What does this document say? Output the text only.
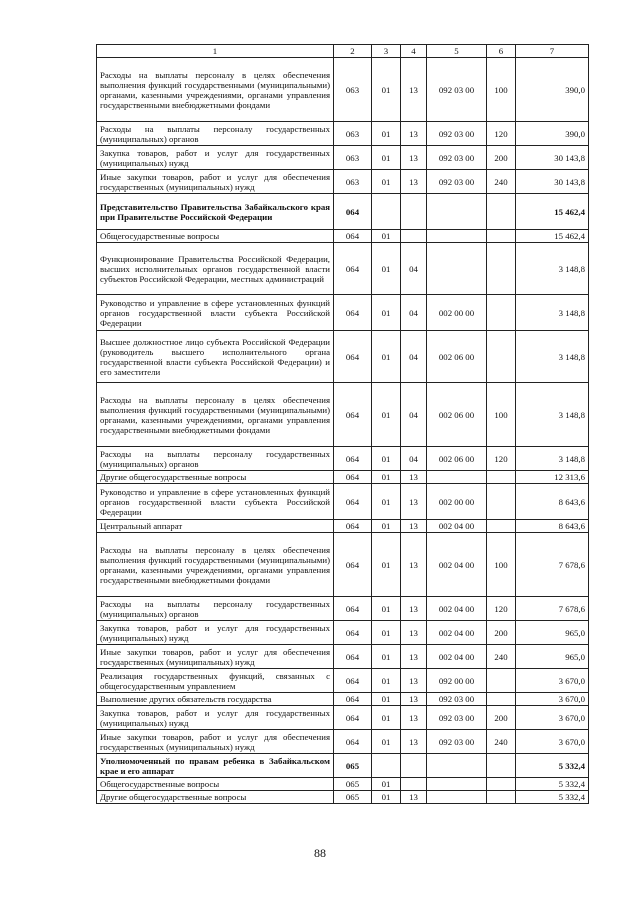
1	2	3	4	5	6	7
Расходы на выплаты персоналу в целях обеспечения выполнения функций государственными (муниципальными) органами, казенными учреждениями, органами управления государственными внебюджетными фондами	063	01	13	092 03 00	100	390,0
Расходы на выплаты персоналу государственных (муниципальных) органов	063	01	13	092 03 00	120	390,0
Закупка товаров, работ и услуг для государственных (муниципальных) нужд	063	01	13	092 03 00	200	30 143,8
Иные закупки товаров, работ и услуг для обеспечения государственных (муниципальных) нужд	063	01	13	092 03 00	240	30 143,8
Представительство Правительства Забайкальского края при Правительстве Российской Федерации	064					15 462,4
Общегосударственные вопросы	064	01				15 462,4
Функционирование Правительства Российской Федерации, высших исполнительных органов государственной власти субъектов Российской Федерации, местных администраций	064	01	04			3 148,8
Руководство и управление в сфере установленных функций органов государственной власти субъекта Российской Федерации	064	01	04	002 00 00		3 148,8
Высшее должностное лицо субъекта Российской Федерации (руководитель высшего исполнительного органа государственной власти субъекта Российской Федерации) и его заместители	064	01	04	002 06 00		3 148,8
Расходы на выплаты персоналу в целях обеспечения выполнения функций государственными (муниципальными) органами, казенными учреждениями, органами управления государственными внебюджетными фондами	064	01	04	002 06 00	100	3 148,8
Расходы на выплаты персоналу государственных (муниципальных) органов	064	01	04	002 06 00	120	3 148,8
Другие общегосударственные вопросы	064	01	13			12 313,6
Руководство и управление в сфере установленных функций органов государственной власти субъекта Российской Федерации	064	01	13	002 00 00		8 643,6
Центральный аппарат	064	01	13	002 04 00		8 643,6
Расходы на выплаты персоналу в целях обеспечения выполнения функций государственными (муниципальными) органами, казенными учреждениями, органами управления государственными внебюджетными фондами	064	01	13	002 04 00	100	7 678,6
Расходы на выплаты персоналу государственных (муниципальных) органов	064	01	13	002 04 00	120	7 678,6
Закупка товаров, работ и услуг для государственных (муниципальных) нужд	064	01	13	002 04 00	200	965,0
Иные закупки товаров, работ и услуг для обеспечения государственных (муниципальных) нужд	064	01	13	002 04 00	240	965,0
Реализация государственных функций, связанных с общегосударственным управлением	064	01	13	092 00 00		3 670,0
Выполнение других обязательств государства	064	01	13	092 03 00		3 670,0
Закупка товаров, работ и услуг для государственных (муниципальных) нужд	064	01	13	092 03 00	200	3 670,0
Иные закупки товаров, работ и услуг для обеспечения государственных (муниципальных) нужд	064	01	13	092 03 00	240	3 670,0
Уполномоченный по правам ребенка в Забайкальском крае и его аппарат	065					5 332,4
Общегосударственные вопросы	065	01				5 332,4
Другие общегосударственные вопросы	065	01	13			5 332,4
88
